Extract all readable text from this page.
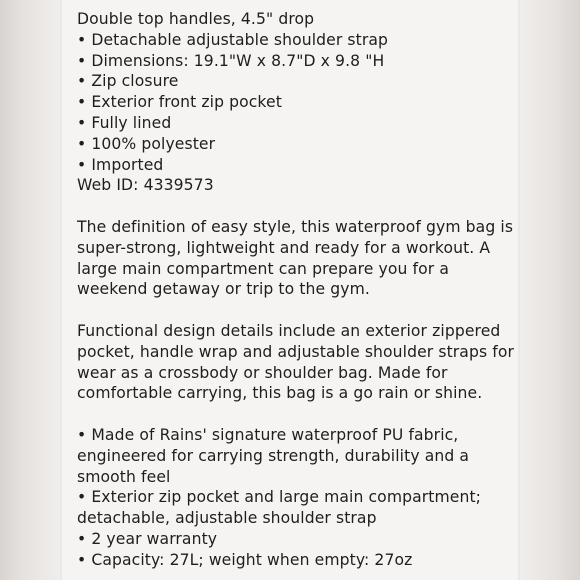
Double top handles, 4.5" drop
• Detachable adjustable shoulder strap
• Dimensions: 19.1"W x 8.7"D x 9.8 "H
• Zip closure
• Exterior front zip pocket
• Fully lined
• 100% polyester
• Imported
Web ID: 4339573
The definition of easy style, this waterproof gym bag is
super-strong, lightweight and ready for a workout. A
large main compartment can prepare you for a
weekend getaway or trip to the gym.
Functional design details include an exterior zippered
pocket, handle wrap and adjustable shoulder straps for
wear as a crossbody or shoulder bag. Made for
comfortable carrying, this bag is a go rain or shine.
• Made of Rains' signature waterproof PU fabric,
engineered for carrying strength, durability and a
smooth feel
• Exterior zip pocket and large main compartment;
detachable, adjustable shoulder strap
• 2 year warranty
• Capacity: 27L; weight when empty: 27oz
